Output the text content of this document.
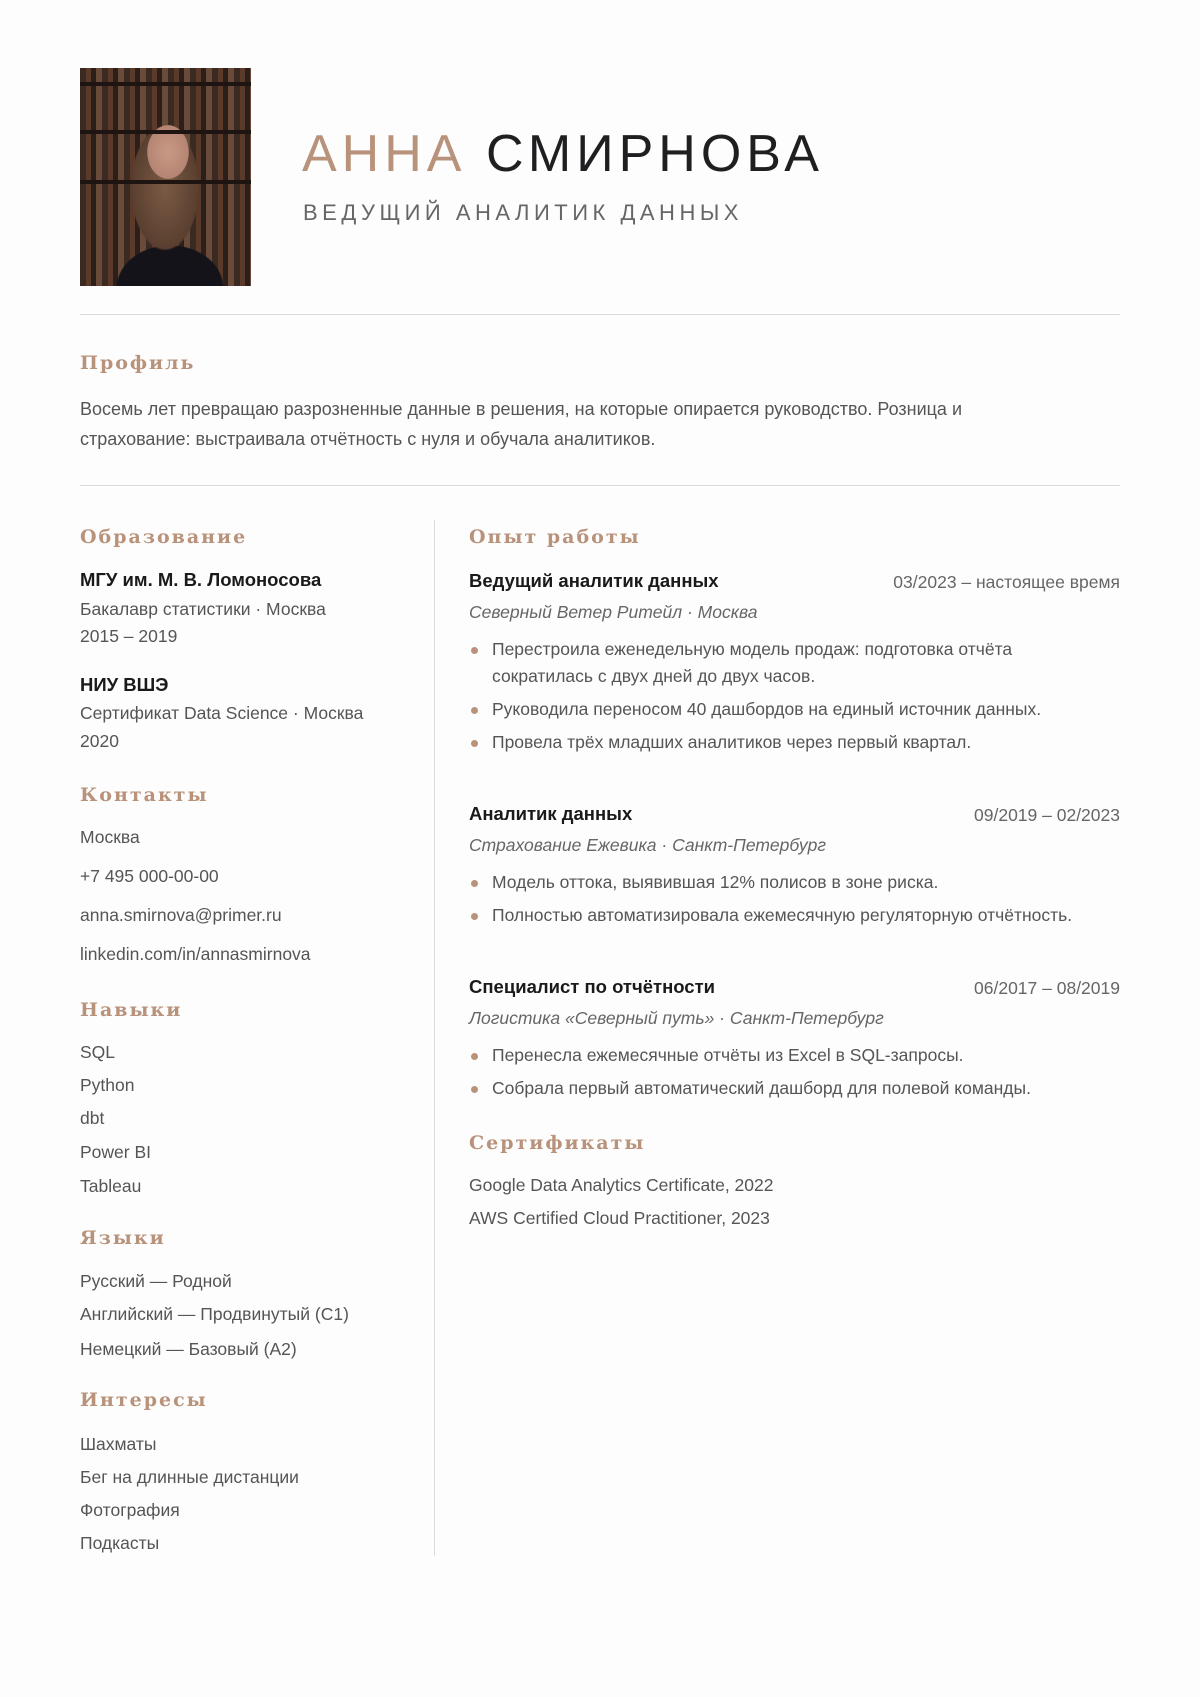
АННА СМИРНОВА
ВЕДУЩИЙ АНАЛИТИК ДАННЫХ
Профиль
Восемь лет превращаю разрозненные данные в решения, на которые опирается руководство. Розница и страхование: выстраивала отчётность с нуля и обучала аналитиков.
Образование
МГУ им. М. В. Ломоносова
Бакалавр статистики · Москва
2015 – 2019
НИУ ВШЭ
Сертификат Data Science · Москва
2020
Контакты
Москва
+7 495 000-00-00
anna.smirnova@primer.ru
linkedin.com/in/annasmirnova
Навыки
SQL
Python
dbt
Power BI
Tableau
Языки
Русский — Родной
Английский — Продвинутый (C1)
Немецкий — Базовый (A2)
Интересы
Шахматы
Бег на длинные дистанции
Фотография
Подкасты
Опыт работы
Ведущий аналитик данных	03/2023 – настоящее время
Северный Ветер Ритейл · Москва
Перестроила еженедельную модель продаж: подготовка отчёта сократилась с двух дней до двух часов.
Руководила переносом 40 дашбордов на единый источник данных.
Провела трёх младших аналитиков через первый квартал.
Аналитик данных	09/2019 – 02/2023
Страхование Ежевика · Санкт-Петербург
Модель оттока, выявившая 12% полисов в зоне риска.
Полностью автоматизировала ежемесячную регуляторную отчётность.
Специалист по отчётности	06/2017 – 08/2019
Логистика «Северный путь» · Санкт-Петербург
Перенесла ежемесячные отчёты из Excel в SQL-запросы.
Собрала первый автоматический дашборд для полевой команды.
Сертификаты
Google Data Analytics Certificate, 2022
AWS Certified Cloud Practitioner, 2023
